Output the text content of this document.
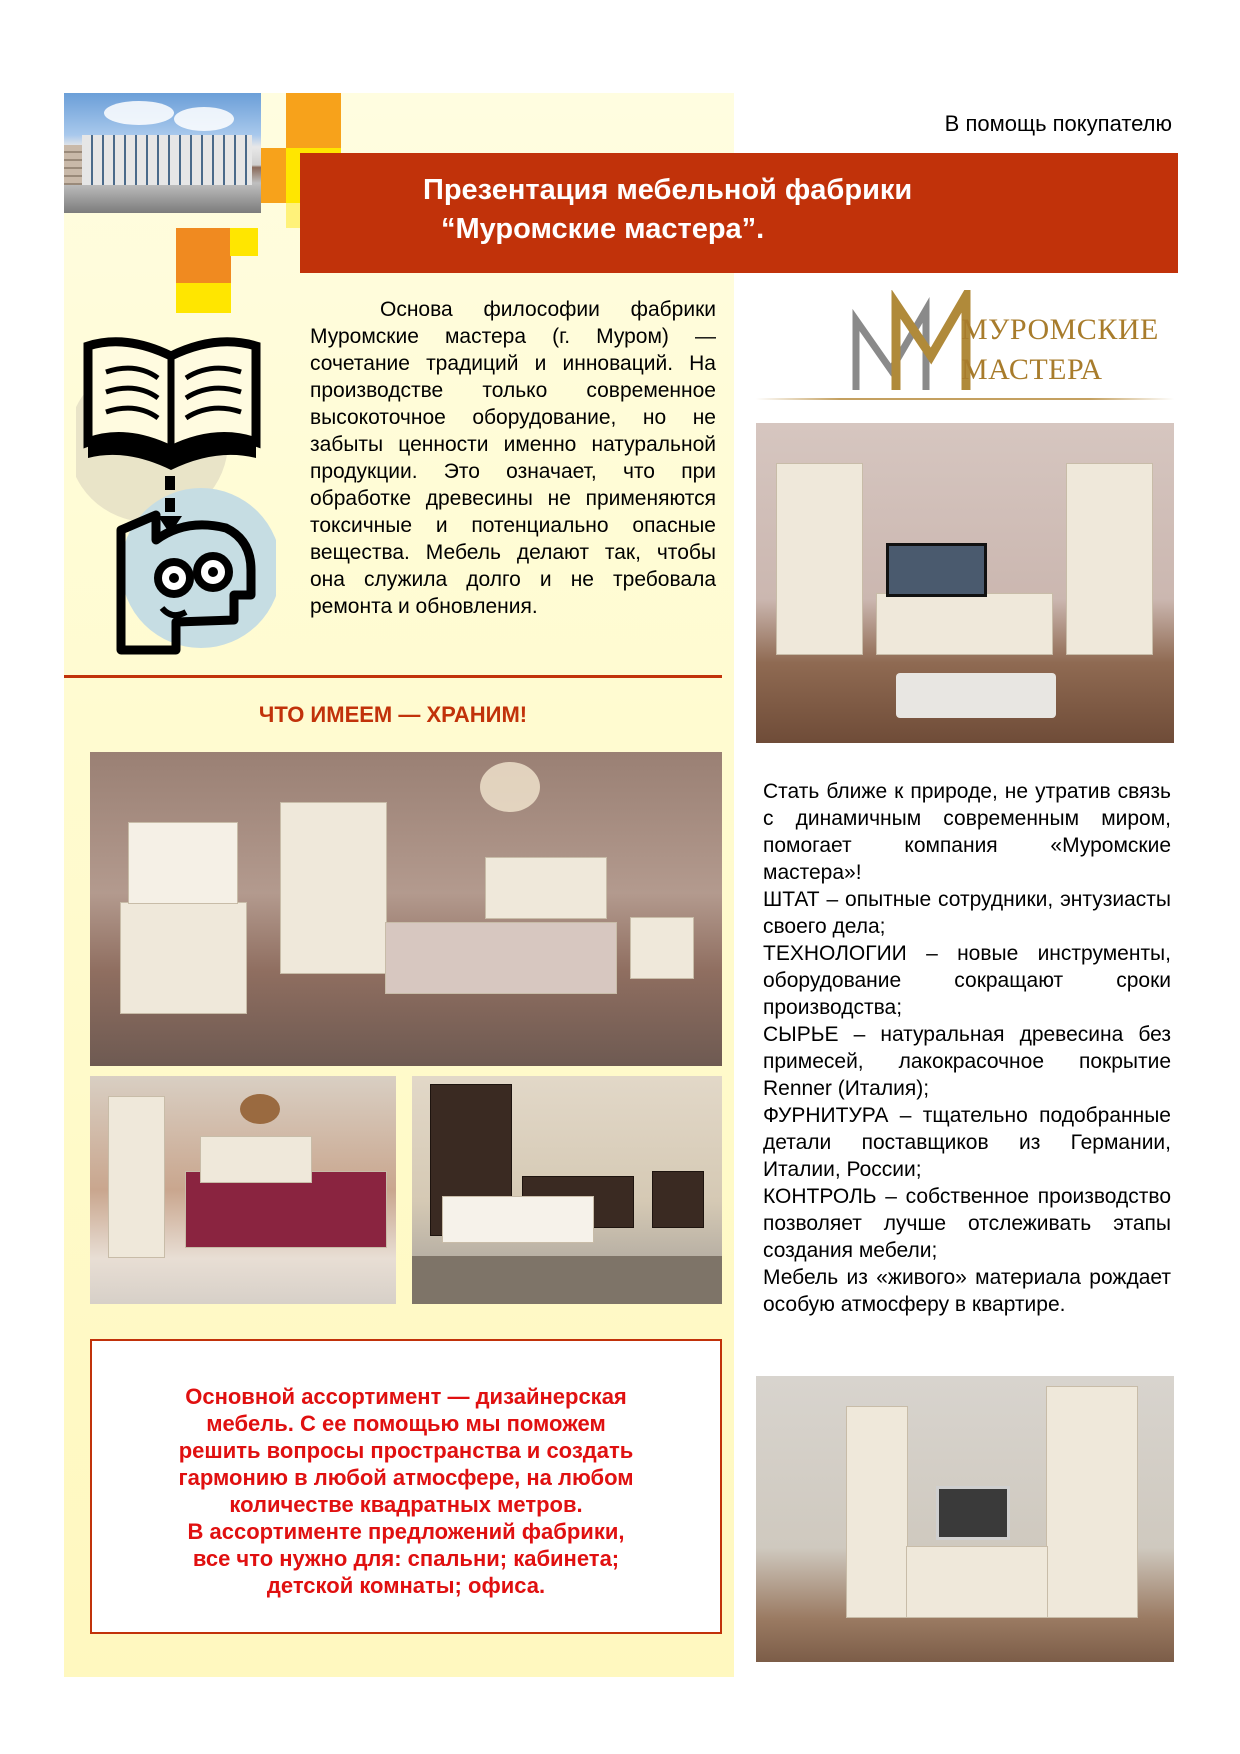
В помощь покупателю
Презентация мебельной фабрики
“Муромские мастера”.
Основа философии фабрики Муромские мастера (г. Муром) — сочетание традиций и инноваций. На производстве только современное высокоточное оборудование, но не забыты ценности именно натуральной продукции. Это означает, что при обработке древесины не применяются токсичные и потенциально опасные вещества. Мебель делают так, чтобы она служила долго и не требовала ремонта и обновления.
ЧТО ИМЕЕМ — ХРАНИМ!
МУРОМСКИЕ
МАСТЕРА

Стать ближе к природе, не утратив связь с динамичным современным миром, помогает компания «Муромские мастера»!

ШТАТ – опытные сотрудники, энтузиасты своего дела;

ТЕХНОЛОГИИ – новые инструменты, оборудование сокращают сроки производства;

СЫРЬЕ – натуральная древесина без примесей, лакокрасочное покрытие Renner (Италия);

ФУРНИТУРА – тщательно подобранные детали поставщиков из Германии, Италии, России;

КОНТРОЛЬ – собственное производство позволяет лучше отслеживать этапы создания мебели;

Мебель из «живого» материала рождает особую атмосферу в квартире.

Основной ассортимент — дизайнерская
мебель. С ее помощью мы поможем
решить вопросы пространства и создать
гармонию в любой атмосфере, на любом
количестве квадратных метров.
В ассортименте предложений фабрики,
все что нужно для: спальни; кабинета;
детской комнаты; офиса.
